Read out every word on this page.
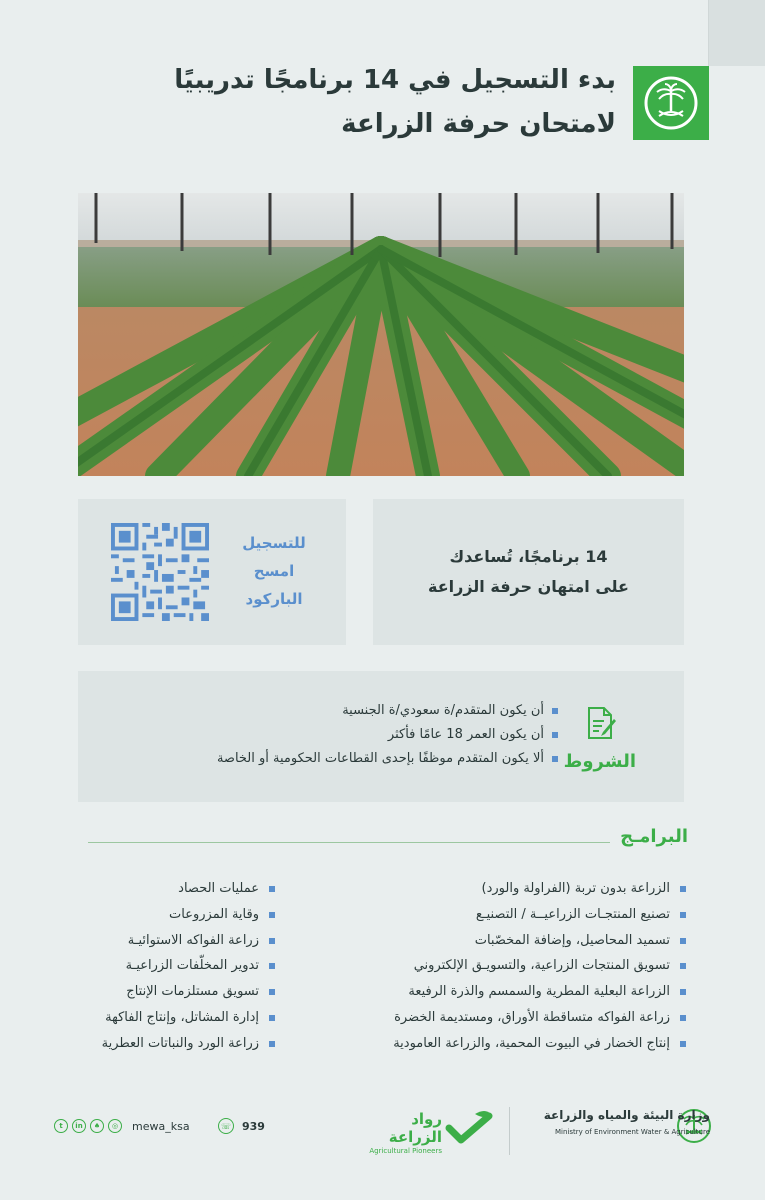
بدء التسجيل في 14 برنامجًا تدريبيًا
لامتحان حرفة الزراعة
للتسجيل
امسح
الباركود
14 برنامجًا، تُساعدك
على امتهان حرفة الزراعة
الشروط
أن يكون المتقدم/ة سعودي/ة الجنسية
أن يكون العمر 18 عامًا فأكثر
ألا يكون المتقدم موظفًا بإحدى القطاعات الحكومية أو الخاصة
البرامـج
الزراعة بدون تربة (الفراولة والورد)
تصنيع المنتجـات الزراعيــة / التصنيـع
تسميد المحاصيل، وإضافة المخصّبات
تسويق المنتجات الزراعية، والتسويـق الإلكتروني
الزراعة البعلية المطرية والسمسم والذرة الرفيعة
زراعة الفواكه متساقطة الأوراق، ومستديمة الخضرة
إنتاج الخضار في البيوت المحمية، والزراعة العامودية
عمليات الحصاد
وقاية المزروعات
زراعة الفواكه الاستوائيـة
تدوير المخلّفات الزراعيـة
تسويق مستلزمات الإنتاج
إدارة المشاتل، وإنتاج الفاكهة
زراعة الورد والنباتات العطرية
وزارة البيئة والمياه والزراعة
Ministry of Environment Water & Agriculture
رواد الزراعة
Agricultural Pioneers
☏ 939
t	in	♠	◎	mewa_ksa
